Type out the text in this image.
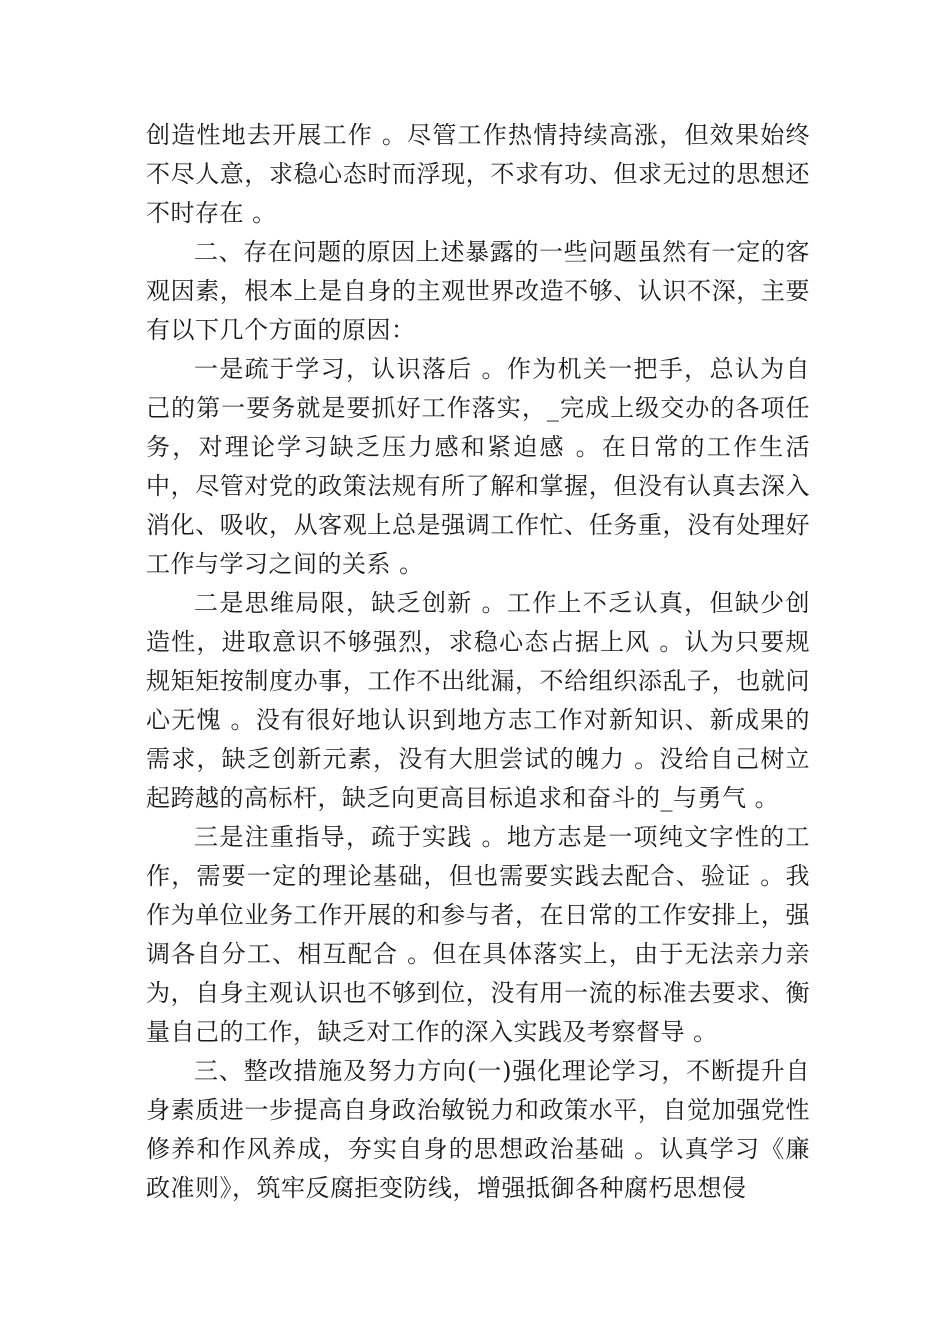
创造性地去开展工作 。尽管工作热情持续高涨，但效果始终不尽人意，求稳心态时而浮现，不求有功、但求无过的思想还不时存在 。

二、存在问题的原因上述暴露的一些问题虽然有一定的客观因素，根本上是自身的主观世界改造不够、认识不深，主要有以下几个方面的原因：

一是疏于学习，认识落后 。作为机关一把手，总认为自己的第一要务就是要抓好工作落实，_完成上级交办的各项任务，对理论学习缺乏压力感和紧迫感 。在日常的工作生活中，尽管对党的政策法规有所了解和掌握，但没有认真去深入消化、吸收，从客观上总是强调工作忙、任务重，没有处理好工作与学习之间的关系 。

二是思维局限，缺乏创新 。工作上不乏认真，但缺少创造性，进取意识不够强烈，求稳心态占据上风 。认为只要规规矩矩按制度办事，工作不出纰漏，不给组织添乱子，也就问心无愧 。没有很好地认识到地方志工作对新知识、新成果的需求，缺乏创新元素，没有大胆尝试的魄力 。没给自己树立起跨越的高标杆，缺乏向更高目标追求和奋斗的_与勇气 。

三是注重指导，疏于实践 。地方志是一项纯文字性的工作，需要一定的理论基础，但也需要实践去配合、验证 。我作为单位业务工作开展的和参与者，在日常的工作安排上，强调各自分工、相互配合 。但在具体落实上，由于无法亲力亲为，自身主观认识也不够到位，没有用一流的标准去要求、衡量自己的工作，缺乏对工作的深入实践及考察督导 。

三、整改措施及努力方向(一)强化理论学习，不断提升自身素质进一步提高自身政治敏锐力和政策水平，自觉加强党性修养和作风养成，夯实自身的思想政治基础 。认真学习《廉政准则》，筑牢反腐拒变防线，增强抵御各种腐朽思想侵
